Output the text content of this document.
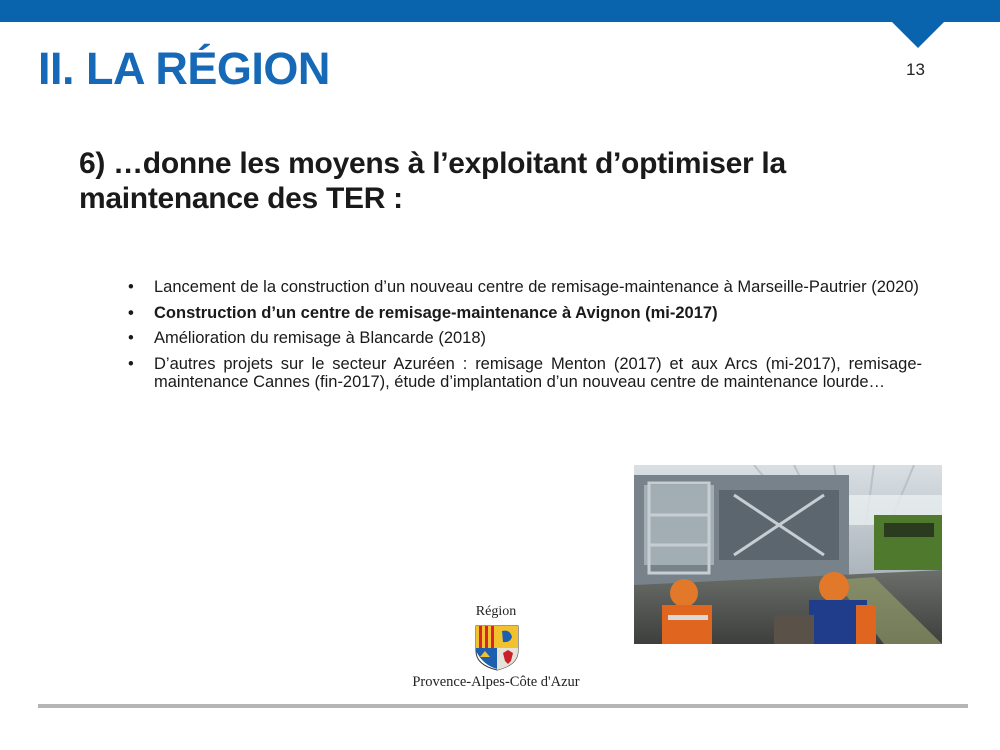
II. LA RÉGION	13
6) …donne les moyens à l’exploitant d’optimiser la maintenance des TER :
• Lancement de la construction d’un nouveau centre de remisage-maintenance à Marseille-Pautrier (2020)
• Construction d’un centre de remisage-maintenance à Avignon (mi-2017)
• Amélioration du remisage à Blancarde (2018)
• D’autres projets sur le secteur Azuréen : remisage Menton (2017) et aux Arcs (mi-2017), remisage-maintenance Cannes (fin-2017), étude d’implantation d’un nouveau centre de maintenance lourde…
Région
Provence-Alpes-Côte d'Azur
